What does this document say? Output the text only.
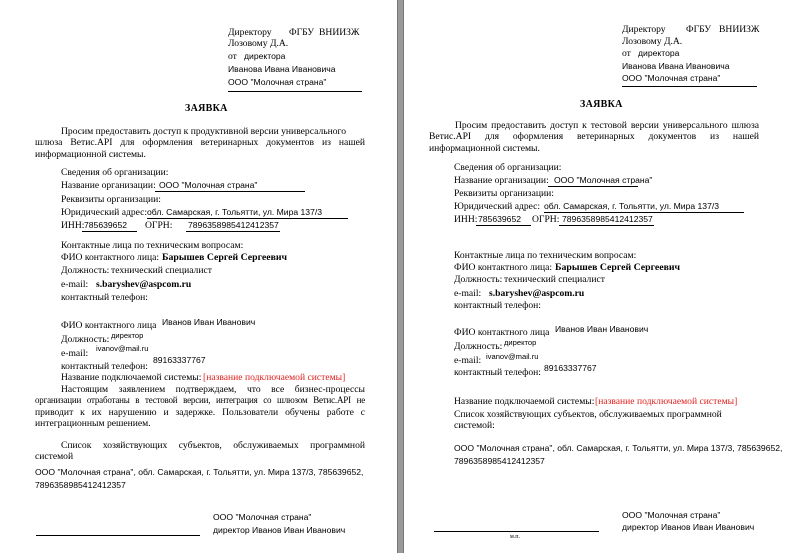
Директору ФГБУ ВНИИЗЖ
Лозовому Д.А.
от директора
Иванова Ивана Ивановича
ООО "Молочная страна"
ЗАЯВКА
Просим предоставить доступ к продуктивной версии универсального
шлюза Ветис.API для оформления ветеринарных документов из нашей
информационной системы.
Сведения об организации:
Название организации: ООО "Молочная страна"
Реквизиты организации:
Юридический адрес: обл. Самарская, г. Тольятти, ул. Мира 137/3
ИНН: 785639652 ОГРН: 7896358985412412357
Контактные лица по техническим вопросам:
ФИО контактного лица: Барышев Сергей Сергеевич
Должность: технический специалист
e-mail: s.baryshev@aspcom.ru
контактный телефон:
ФИО контактного лица Иванов Иван Иванович
Должность: директор
e-mail: ivanov@mail.ru
контактный телефон:
89163337767
Название подключаемой системы: [название подключаемой системы]
Настоящим заявлением подтверждаем, что все бизнес-процессы
организации отработаны в тестовой версии, интеграция со шлюзом Ветис.API не
приводит к их нарушению и задержке. Пользователи обучены работе с
интеграционным решением.
Список хозяйствующих субъектов, обслуживаемых программной
системой
ООО "Молочная страна", обл. Самарская, г. Тольятти, ул. Мира 137/3, 785639652,
7896358985412412357
ООО "Молочная страна"
директор Иванов Иван Иванович
Директору ФГБУ ВНИИЗЖ
Лозовому Д.А.
от директора
Иванова Ивана Ивановича
ООО "Молочная страна"
ЗАЯВКА
Просим предоставить доступ к тестовой версии универсального шлюза
Ветис.API для оформления ветеринарных документов из нашей
информационной системы.
Сведения об организации:
Название организации: ООО "Молочная страна"
Реквизиты организации:
Юридический адрес: обл. Самарская, г. Тольятти, ул. Мира 137/3
ИНН: 785639652 ОГРН: 7896358985412412357
Контактные лица по техническим вопросам:
ФИО контактного лица: Барышев Сергей Сергеевич
Должность: технический специалист
e-mail: s.baryshev@aspcom.ru
контактный телефон:
ФИО контактного лица Иванов Иван Иванович
Должность: директор
e-mail: ivanov@mail.ru
контактный телефон: 89163337767
Название подключаемой системы: [название подключаемой системы]
Список хозяйствующих субъектов, обслуживаемых программной
системой:
ООО "Молочная страна", обл. Самарская, г. Тольятти, ул. Мира 137/3, 785639652,
7896358985412412357
ООО "Молочная страна"
директор Иванов Иван Иванович
м.п.
